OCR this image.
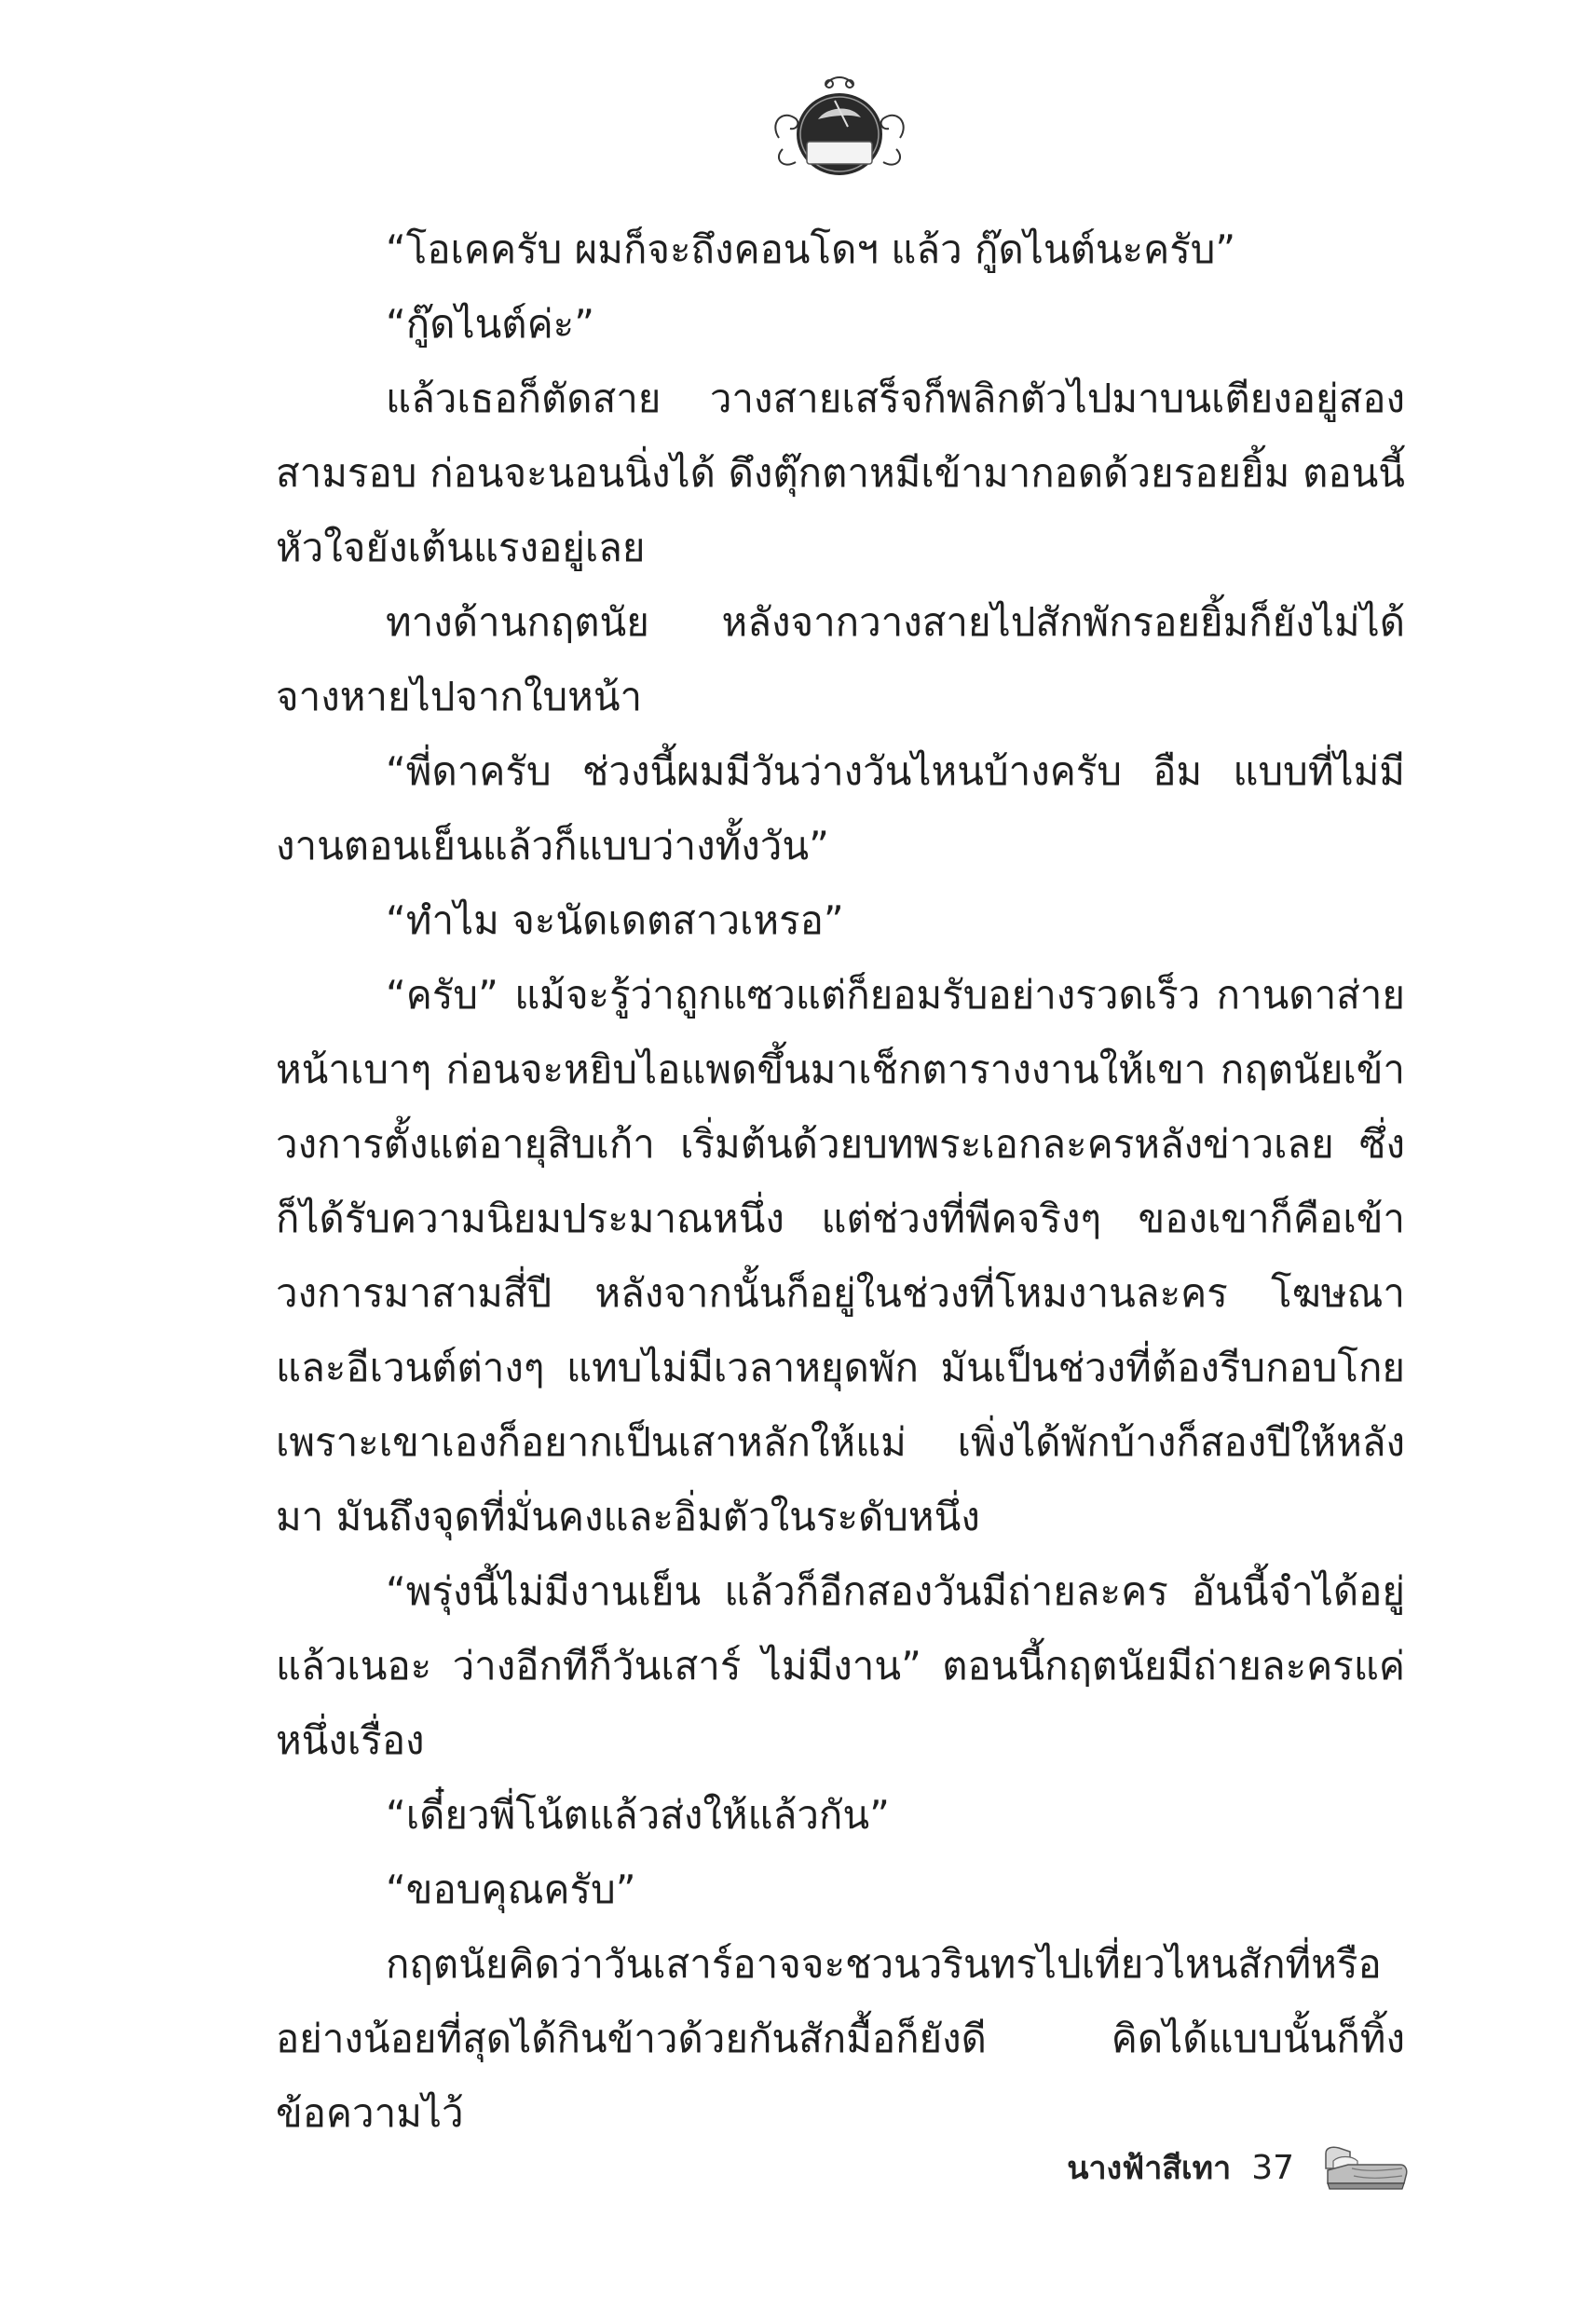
“โอเคครับ ผมก็จะถึงคอนโดฯ แล้ว กู๊ดไนต์นะครับ”

“กู๊ดไนต์ค่ะ”

แล้วเธอก็ตัดสาย วางสายเสร็จก็พลิกตัวไปมาบนเตียงอยู่สองสามรอบ ก่อนจะนอนนิ่งได้ ดึงตุ๊กตาหมีเข้ามากอดด้วยรอยยิ้ม ตอนนี้หัวใจยังเต้นแรงอยู่เลย

ทางด้านกฤตนัย หลังจากวางสายไปสักพักรอยยิ้มก็ยังไม่ได้จางหายไปจากใบหน้า

“พี่ดาครับ ช่วงนี้ผมมีวันว่างวันไหนบ้างครับ อืม แบบที่ไม่มีงานตอนเย็นแล้วก็แบบว่างทั้งวัน”

“ทำไม จะนัดเดตสาวเหรอ”

“ครับ” แม้จะรู้ว่าถูกแซวแต่ก็ยอมรับอย่างรวดเร็ว กานดาส่ายหน้าเบาๆ ก่อนจะหยิบไอแพดขึ้นมาเช็กตารางงานให้เขา กฤตนัยเข้าวงการตั้งแต่อายุสิบเก้า เริ่มต้นด้วยบทพระเอกละครหลังข่าวเลย ซึ่งก็ได้รับความนิยมประมาณหนึ่ง แต่ช่วงที่พีคจริงๆ ของเขาก็คือเข้าวงการมาสามสี่ปี หลังจากนั้นก็อยู่ในช่วงที่โหมงานละคร โฆษณาและอีเวนต์ต่างๆ แทบไม่มีเวลาหยุดพัก มันเป็นช่วงที่ต้องรีบกอบโกย เพราะเขาเองก็อยากเป็นเสาหลักให้แม่ เพิ่งได้พักบ้างก็สองปีให้หลังมา มันถึงจุดที่มั่นคงและอิ่มตัวในระดับหนึ่ง

“พรุ่งนี้ไม่มีงานเย็น แล้วก็อีกสองวันมีถ่ายละคร อันนี้จำได้อยู่แล้วเนอะ ว่างอีกทีก็วันเสาร์ ไม่มีงาน” ตอนนี้กฤตนัยมีถ่ายละครแค่หนึ่งเรื่อง

“เดี๋ยวพี่โน้ตแล้วส่งให้แล้วกัน”

“ขอบคุณครับ”

กฤตนัยคิดว่าวันเสาร์อาจจะชวนวรินทรไปเที่ยวไหนสักที่หรืออย่างน้อยที่สุดได้กินข้าวด้วยกันสักมื้อก็ยังดี คิดได้แบบนั้นก็ทิ้งข้อความไว้

นางฟ้าสีเทา 37
